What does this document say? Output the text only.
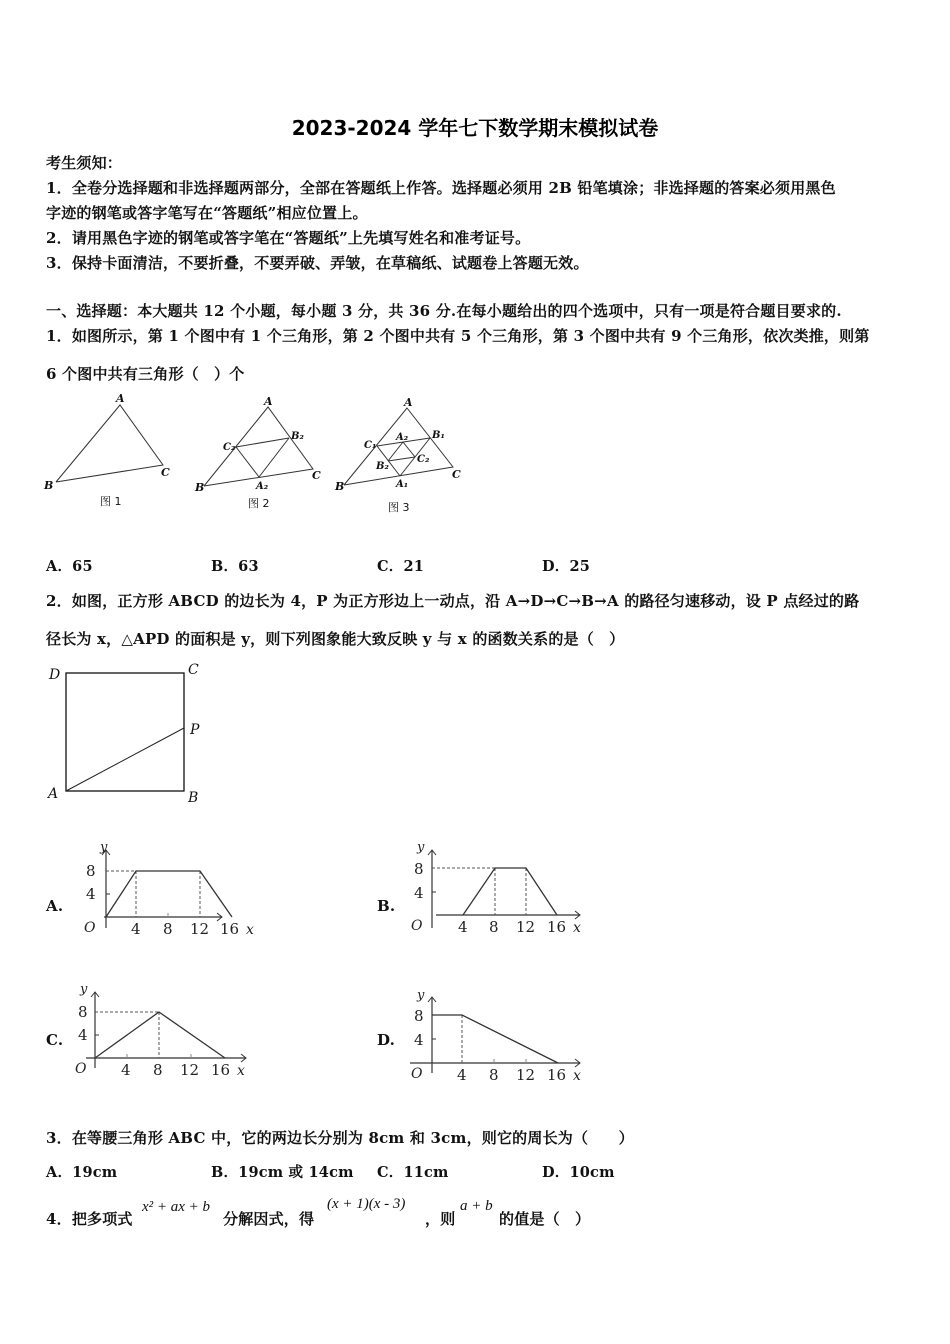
2023-2024 学年七下数学期末模拟试卷
考生须知：
1．全卷分选择题和非选择题两部分，全部在答题纸上作答。选择题必须用 2B 铅笔填涂；非选择题的答案必须用黑色
字迹的钢笔或答字笔写在“答题纸”相应位置上。
2．请用黑色字迹的钢笔或答字笔在“答题纸”上先填写姓名和准考证号。
3．保持卡面清洁，不要折叠，不要弄破、弄皱，在草稿纸、试题卷上答题无效。
一、选择题：本大题共 12 个小题，每小题 3 分，共 36 分.在每小题给出的四个选项中，只有一项是符合题目要求的.
1．如图所示，第 1 个图中有 1 个三角形，第 2 个图中共有 5 个三角形，第 3 个图中共有 9 个三角形，依次类推，则第
6 个图中共有三角形（　）个
A
B
C
图 1
A
B
C
C₂
B₂
A₂
图 2
A
B
C
C₁
B₁
A₁
A₂
B₂
C₂
图 3
A．65	B．63	C．21	D．25
2．如图，正方形 ABCD 的边长为 4，P 为正方形边上一动点，沿 A→D→C→B→A 的路径匀速移动，设 P 点经过的路
径长为 x，△APD 的面积是 y，则下列图象能大致反映 y 与 x 的函数关系的是（　）
D	C
P
A	B
A.
y
8
4
O 4 8 12 16 x
B.
y
8
4
O 4 8 12 16 x
C.
y
8
4
O 4 8 12 16 x
D.
y
8
4
O 4 8 12 16 x
3．在等腰三角形 ABC 中，它的两边长分别为 8cm 和 3cm，则它的周长为（　　）
A．19cm	B．19cm 或 14cm C．11cm	D．10cm
4．把多项式
x² + ax + b
分解因式，得
(x + 1)(x - 3)
，则
a + b
的值是（　）
